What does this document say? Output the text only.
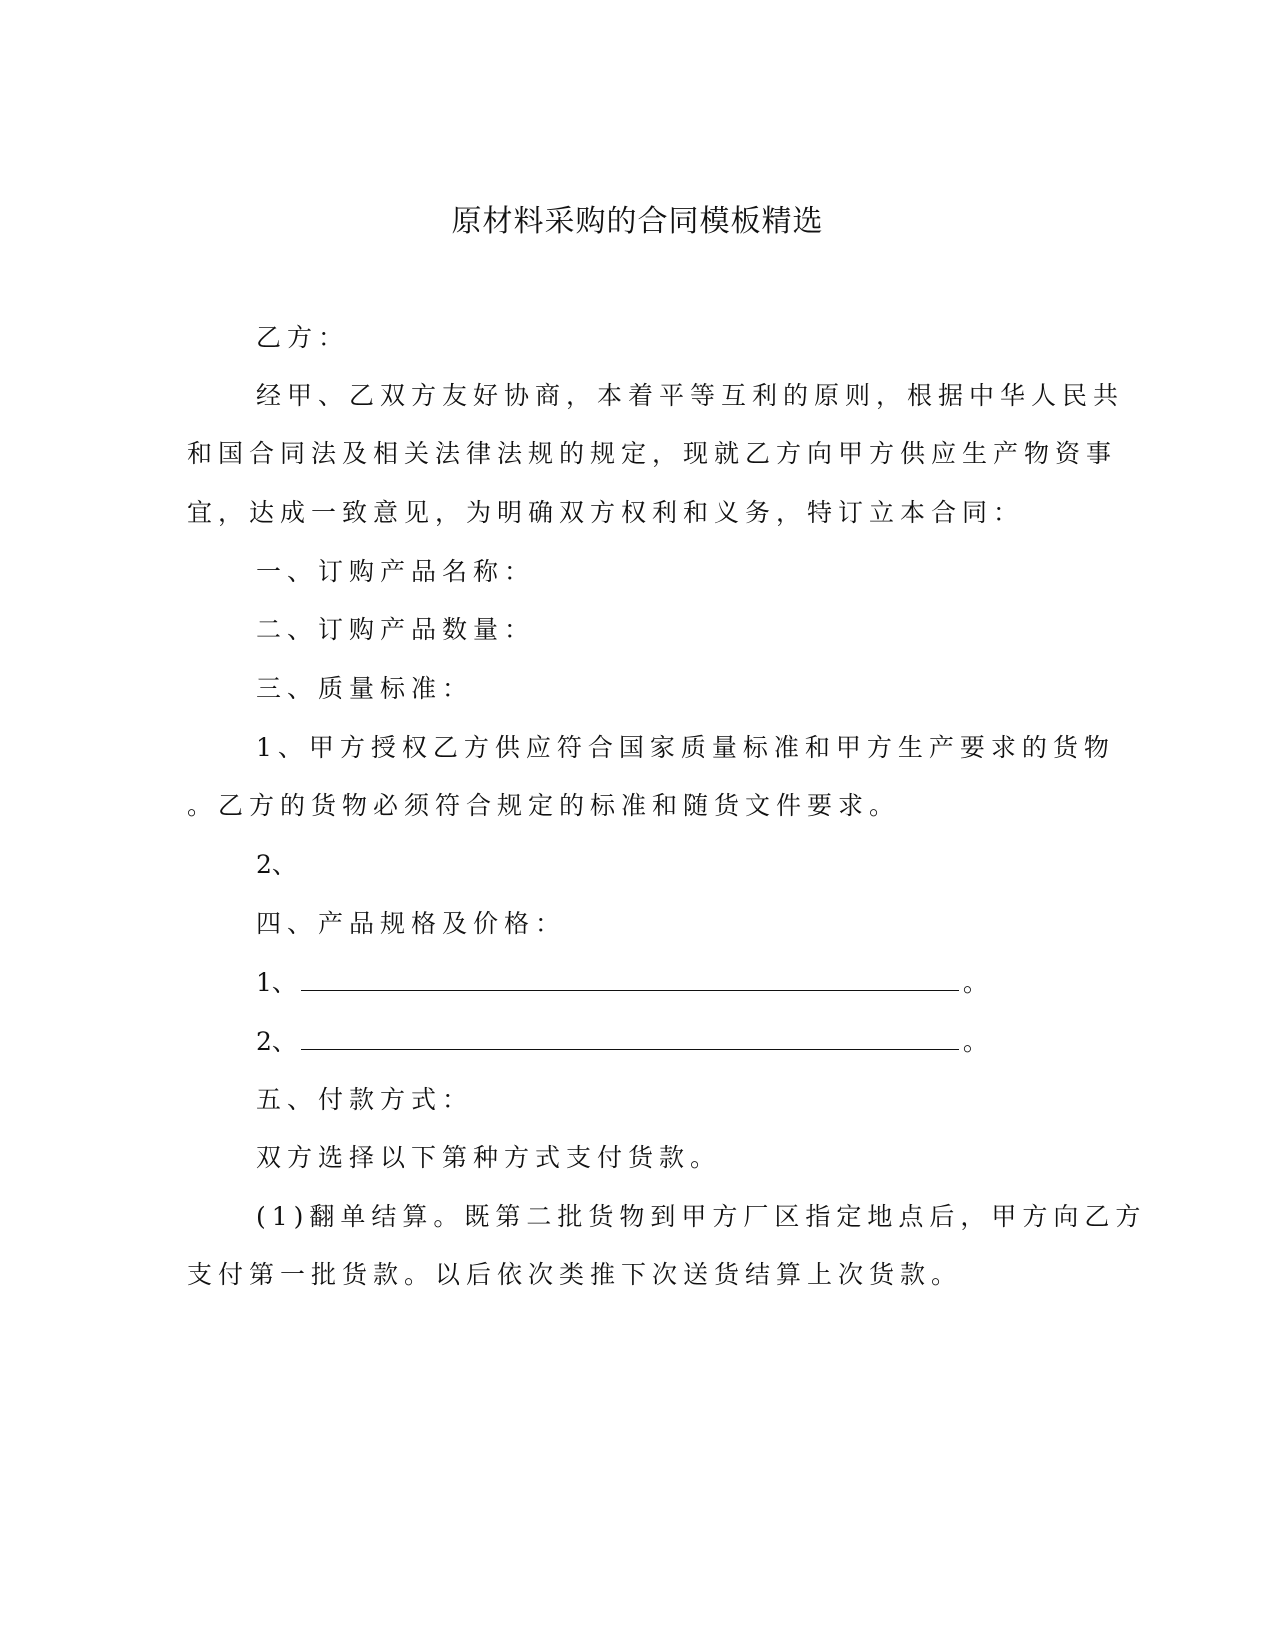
原材料采购的合同模板精选
乙方：
经甲、乙双方友好协商，本着平等互利的原则，根据中华人民共
和国合同法及相关法律法规的规定，现就乙方向甲方供应生产物资事
宜，达成一致意见，为明确双方权利和义务，特订立本合同：
一、订购产品名称：
二、订购产品数量：
三、质量标准：
1、甲方授权乙方供应符合国家质量标准和甲方生产要求的货物
。乙方的货物必须符合规定的标准和随货文件要求。
2、
四、产品规格及价格：
1、	。
2、	。
五、付款方式：
双方选择以下第种方式支付货款。
(1)翻单结算。既第二批货物到甲方厂区指定地点后，甲方向乙方
支付第一批货款。以后依次类推下次送货结算上次货款。
